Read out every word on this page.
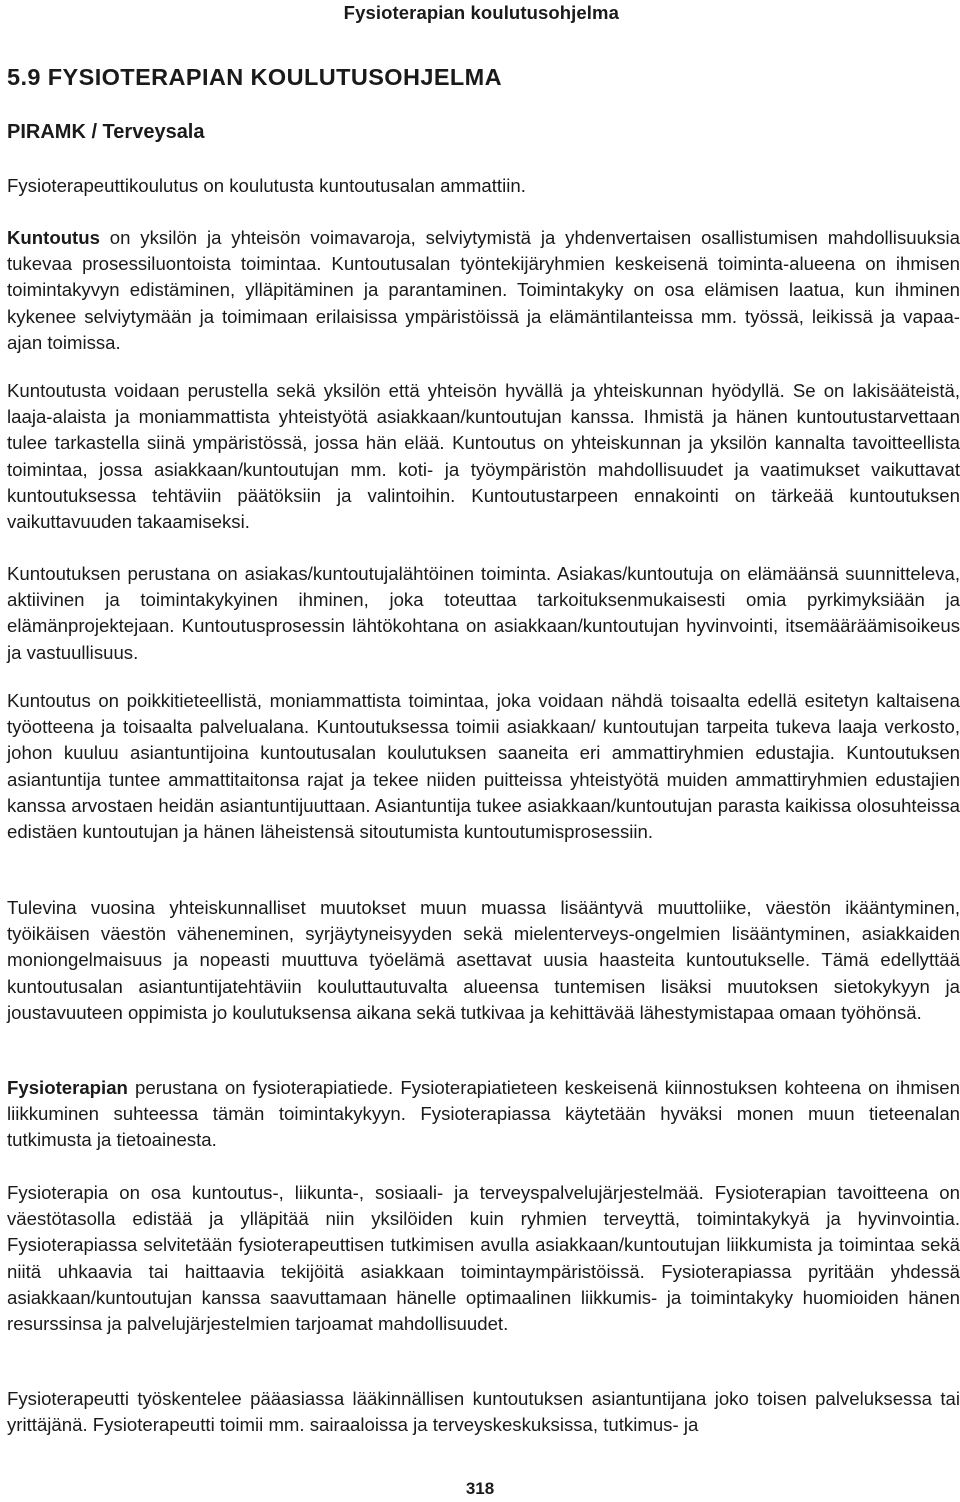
Fysioterapian koulutusohjelma
5.9 FYSIOTERAPIAN KOULUTUSOHJELMA
PIRAMK / Terveysala

Fysioterapeuttikoulutus on koulutusta kuntoutusalan ammattiin.

Kuntoutus on yksilön ja yhteisön voimavaroja, selviytymistä ja yhdenvertaisen osallistumisen mahdollisuuksia tukevaa prosessiluontoista toimintaa. Kuntoutusalan työntekijäryhmien keskeisenä toiminta-alueena on ihmisen toimintakyvyn edistäminen, ylläpitäminen ja parantaminen. Toimintakyky on osa elämisen laatua, kun ihminen kykenee selviytymään ja toimimaan erilaisissa ympäristöissä ja elämäntilanteissa mm. työssä, leikissä ja vapaa-ajan toimissa.

Kuntoutusta voidaan perustella sekä yksilön että yhteisön hyvällä ja yhteiskunnan hyödyllä. Se on lakisääteistä, laaja-alaista ja moniammattista yhteistyötä asiakkaan/kuntoutujan kanssa. Ihmistä ja hänen kuntoutustarvettaan tulee tarkastella siinä ympäristössä, jossa hän elää. Kuntoutus on yhteiskunnan ja yksilön kannalta tavoitteellista toimintaa, jossa asiakkaan/kuntoutujan mm. koti- ja työympäristön mahdollisuudet ja vaatimukset vaikuttavat kuntoutuksessa tehtäviin päätöksiin ja valintoihin. Kuntoutustarpeen ennakointi on tärkeää kuntoutuksen vaikuttavuuden takaamiseksi.

Kuntoutuksen perustana on asiakas/kuntoutujalähtöinen toiminta. Asiakas/kuntoutuja on elämäänsä suunnitteleva, aktiivinen ja toimintakykyinen ihminen, joka toteuttaa tarkoituksenmukaisesti omia pyrkimyksiään ja elämänprojektejaan. Kuntoutusprosessin lähtökohtana on asiakkaan/kuntoutujan hyvinvointi, itsemääräämisoikeus ja vastuullisuus.

Kuntoutus on poikkitieteellistä, moniammattista toimintaa, joka voidaan nähdä toisaalta edellä esitetyn kaltaisena työotteena ja toisaalta palvelualana. Kuntoutuksessa toimii asiakkaan/ kuntoutujan tarpeita tukeva laaja verkosto, johon kuuluu asiantuntijoina kuntoutusalan koulutuksen saaneita eri ammattiryhmien edustajia. Kuntoutuksen asiantuntija tuntee ammattitaitonsa rajat ja tekee niiden puitteissa yhteistyötä muiden ammattiryhmien edustajien kanssa arvostaen heidän asiantuntijuuttaan. Asiantuntija tukee asiakkaan/kuntoutujan parasta kaikissa olosuhteissa edistäen kuntoutujan ja hänen läheistensä sitoutumista kuntoutumisprosessiin.

Tulevina vuosina yhteiskunnalliset muutokset muun muassa lisääntyvä muuttoliike, väestön ikääntyminen, työikäisen väestön väheneminen, syrjäytyneisyyden sekä mielenterveys-ongelmien lisääntyminen, asiakkaiden moniongelmaisuus ja nopeasti muuttuva työelämä asettavat uusia haasteita kuntoutukselle. Tämä edellyttää kuntoutusalan asiantuntijatehtäviin kouluttautuvalta alueensa tuntemisen lisäksi muutoksen sietokykyyn ja joustavuuteen oppimista jo koulutuksensa aikana sekä tutkivaa ja kehittävää lähestymistapaa omaan työhönsä.

Fysioterapian perustana on fysioterapiatiede. Fysioterapiatieteen keskeisenä kiinnostuksen kohteena on ihmisen liikkuminen suhteessa tämän toimintakykyyn. Fysioterapiassa käytetään hyväksi monen muun tieteenalan tutkimusta ja tietoainesta.

Fysioterapia on osa kuntoutus-, liikunta-, sosiaali- ja terveyspalvelujärjestelmää. Fysioterapian tavoitteena on väestötasolla edistää ja ylläpitää niin yksilöiden kuin ryhmien terveyttä, toimintakykyä ja hyvinvointia. Fysioterapiassa selvitetään fysioterapeuttisen tutkimisen avulla asiakkaan/kuntoutujan liikkumista ja toimintaa sekä niitä uhkaavia tai haittaavia tekijöitä asiakkaan toimintaympäristöissä. Fysioterapiassa pyritään yhdessä asiakkaan/kuntoutujan kanssa saavuttamaan hänelle optimaalinen liikkumis- ja toimintakyky huomioiden hänen resurssinsa ja palvelujärjestelmien tarjoamat mahdollisuudet.

Fysioterapeutti työskentelee pääasiassa lääkinnällisen kuntoutuksen asiantuntijana joko toisen palveluksessa tai yrittäjänä. Fysioterapeutti toimii mm. sairaaloissa ja terveyskeskuksissa, tutkimus- ja

318
